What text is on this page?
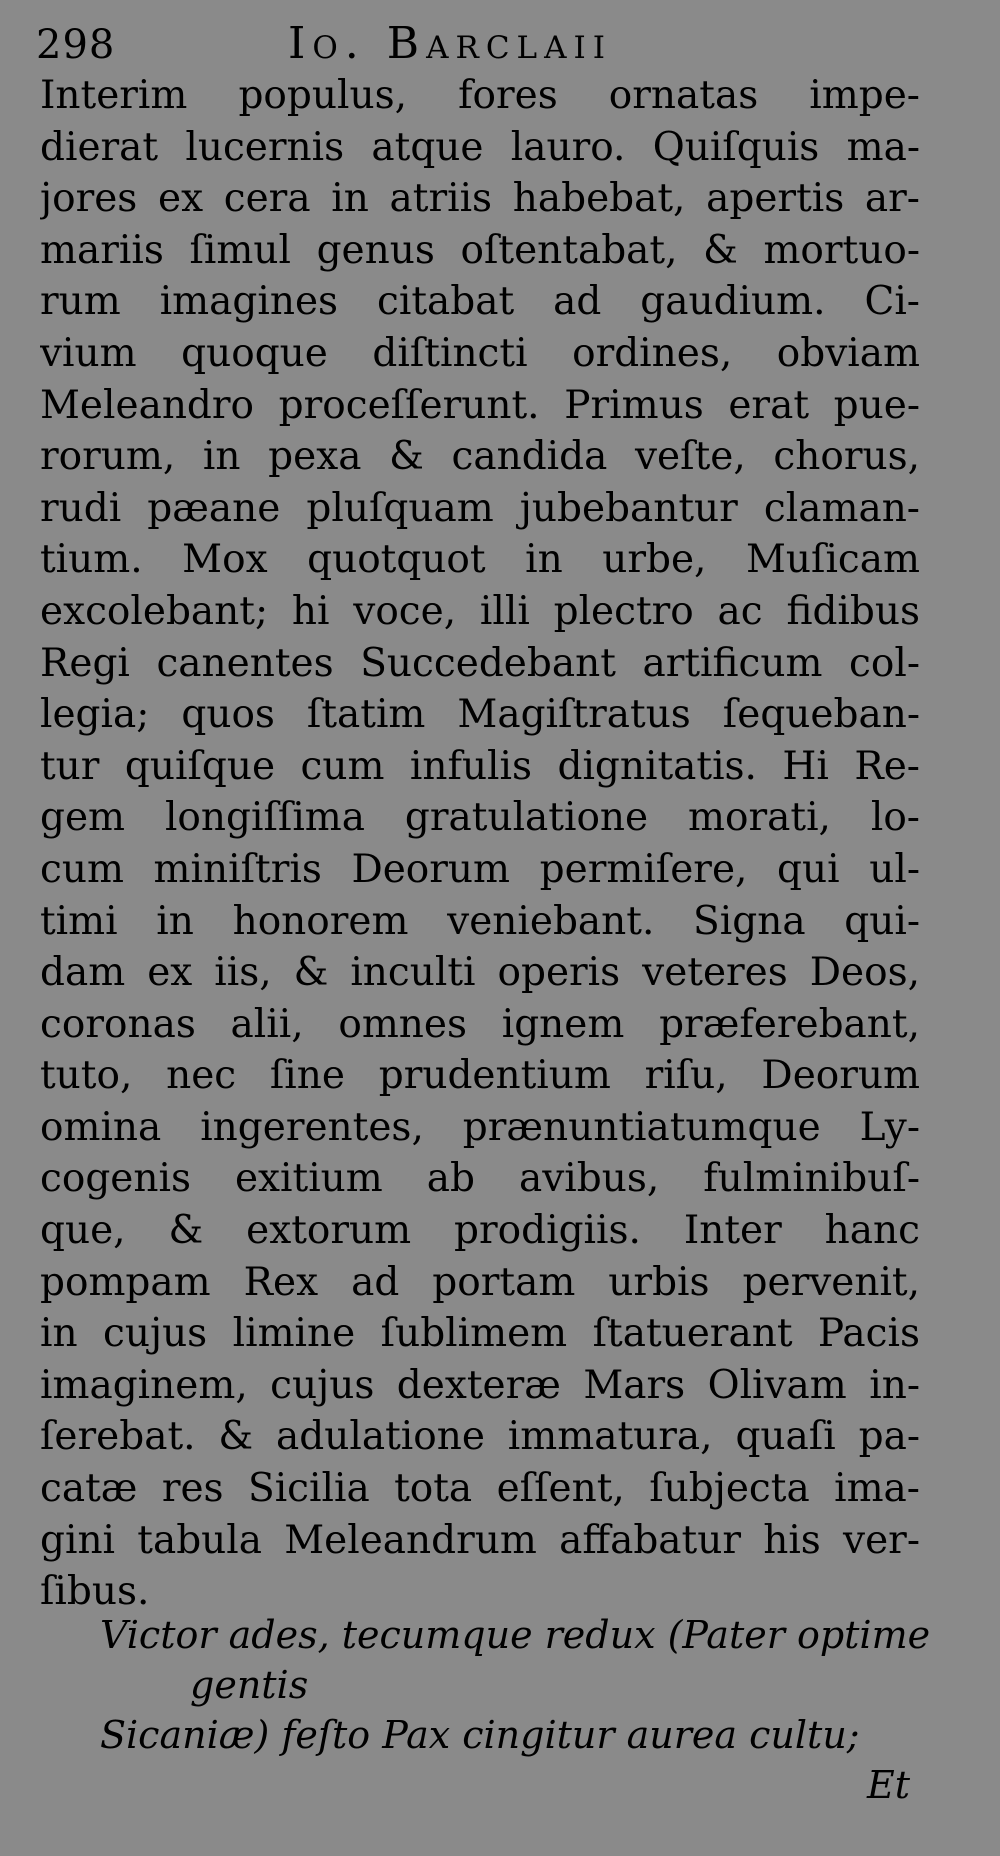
298	Io. Barclaii
Interim populus, fores ornatas impe-
dierat lucernis atque lauro. Quiſquis ma-
jores ex cera in atriis habebat, apertis ar-
mariis ſimul genus oſtentabat, & mortuo-
rum imagines citabat ad gaudium. Ci-
vium quoque diſtincti ordines, obviam
Meleandro proceſſerunt. Primus erat pue-
rorum, in pexa & candida veſte, chorus,
rudi pæane pluſquam jubebantur claman-
tium. Mox quotquot in urbe, Muſicam
excolebant; hi voce, illi plectro ac fidibus
Regi canentes Succedebant artificum col-
legia; quos ſtatim Magiſtratus ſequeban-
tur quiſque cum infulis dignitatis. Hi Re-
gem longiſſima gratulatione morati, lo-
cum miniſtris Deorum permiſere, qui ul-
timi in honorem veniebant. Signa qui-
dam ex iis, & inculti operis veteres Deos,
coronas alii, omnes ignem præferebant,
tuto, nec ſine prudentium riſu, Deorum
omina ingerentes, prænuntiatumque Ly-
cogenis exitium ab avibus, fulminibuſ-
que, & extorum prodigiis. Inter hanc
pompam Rex ad portam urbis pervenit,
in cujus limine ſublimem ſtatuerant Pacis
imaginem, cujus dexteræ Mars Olivam in-
ſerebat. & adulatione immatura, quaſi pa-
catæ res Sicilia tota eſſent, ſubjecta ima-
gini tabula Meleandrum affabatur his ver-
ſibus.
Victor ades, tecumque redux (Pater optime
gentis
Sicaniæ) feſto Pax cingitur aurea cultu;
Et
